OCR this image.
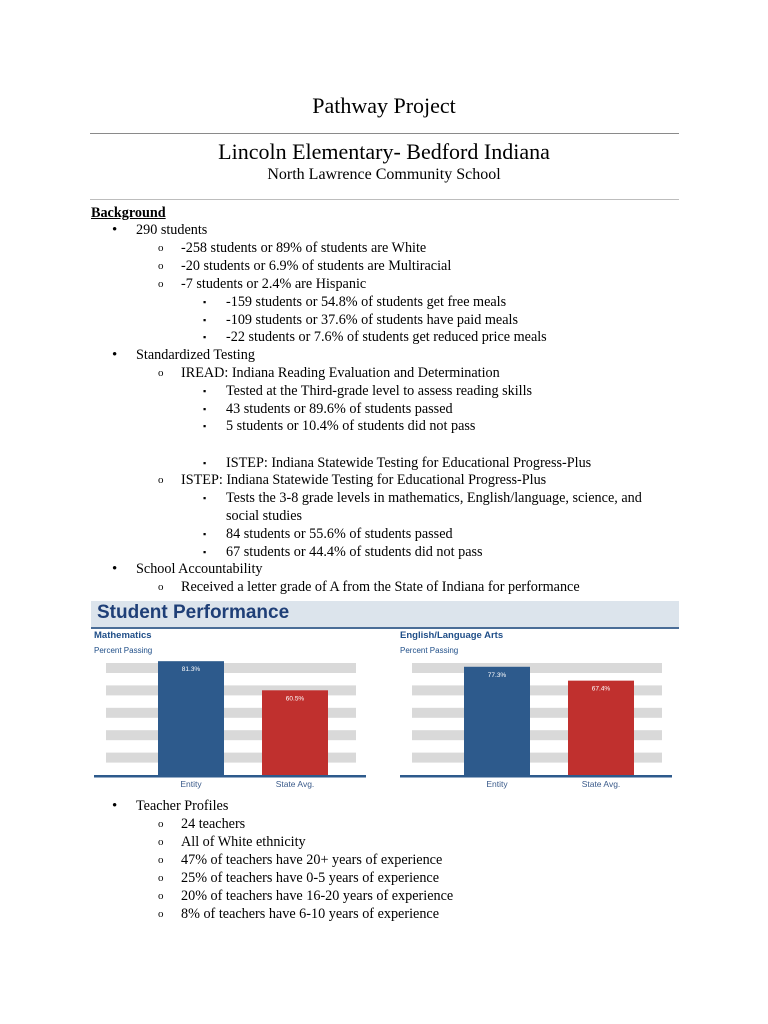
Pathway Project
Lincoln Elementary- Bedford Indiana
North Lawrence Community School
Background
• 290 students
o -258 students or 89% of students are White
o -20 students or 6.9% of students are Multiracial
o -7 students or 2.4% are Hispanic
▪ -159 students or 54.8% of students get free meals
▪ -109 students or 37.6% of students have paid meals
▪ -22 students or 7.6% of students get reduced price meals
• Standardized Testing
o IREAD: Indiana Reading Evaluation and Determination
▪ Tested at the Third-grade level to assess reading skills
▪ 43 students or 89.6% of students passed
▪ 5 students or 10.4% of students did not pass
▪ ISTEP: Indiana Statewide Testing for Educational Progress-Plus
o ISTEP: Indiana Statewide Testing for Educational Progress-Plus
▪ Tests the 3-8 grade levels in mathematics, English/language, science, and
social studies
▪ 84 students or 55.6% of students passed
▪ 67 students or 44.4% of students did not pass
• School Accountability
o Received a letter grade of A from the State of Indiana for performance
Student Performance
Mathematics
Percent Passing
81.3%
Entity
60.5%
State Avg.
English/Language Arts
Percent Passing
77.3%
Entity
67.4%
State Avg.
• Teacher Profiles
o 24 teachers
o All of White ethnicity
o 47% of teachers have 20+ years of experience
o 25% of teachers have 0-5 years of experience
o 20% of teachers have 16-20 years of experience
o 8% of teachers have 6-10 years of experience
